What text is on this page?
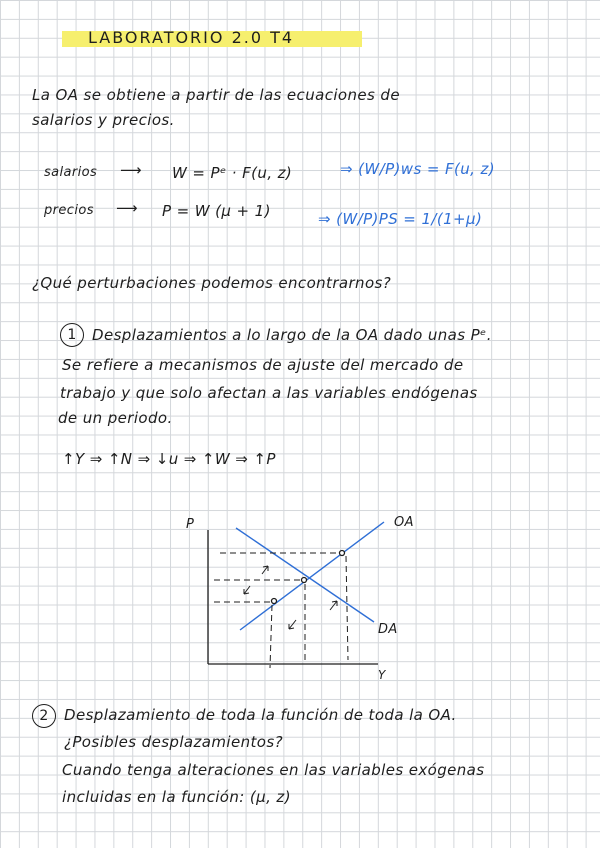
LABORATORIO 2.0 T4
La OA se obtiene a partir de las ecuaciones de
salarios y precios.
salarios ⟶ W = Pᵉ · F(u, z)	⇒ (W/P)ws = F(u, z)
precios ⟶ P = W (μ + 1)	⇒ (W/P)PS = 1/(1+μ)
¿Qué perturbaciones podemos encontrarnos?
1	Desplazamientos a lo largo de la OA dado unas Pᵉ.
Se refiere a mecanismos de ajuste del mercado de
trabajo y que solo afectan a las variables endógenas
de un periodo.
↑Y ⇒ ↑N ⇒ ↓u ⇒ ↑W ⇒ ↑P
P
Y
OA
DA
2	Desplazamiento de toda la función de toda la OA.
¿Posibles desplazamientos?
Cuando tenga alteraciones en las variables exógenas
incluidas en la función: (μ, z)
